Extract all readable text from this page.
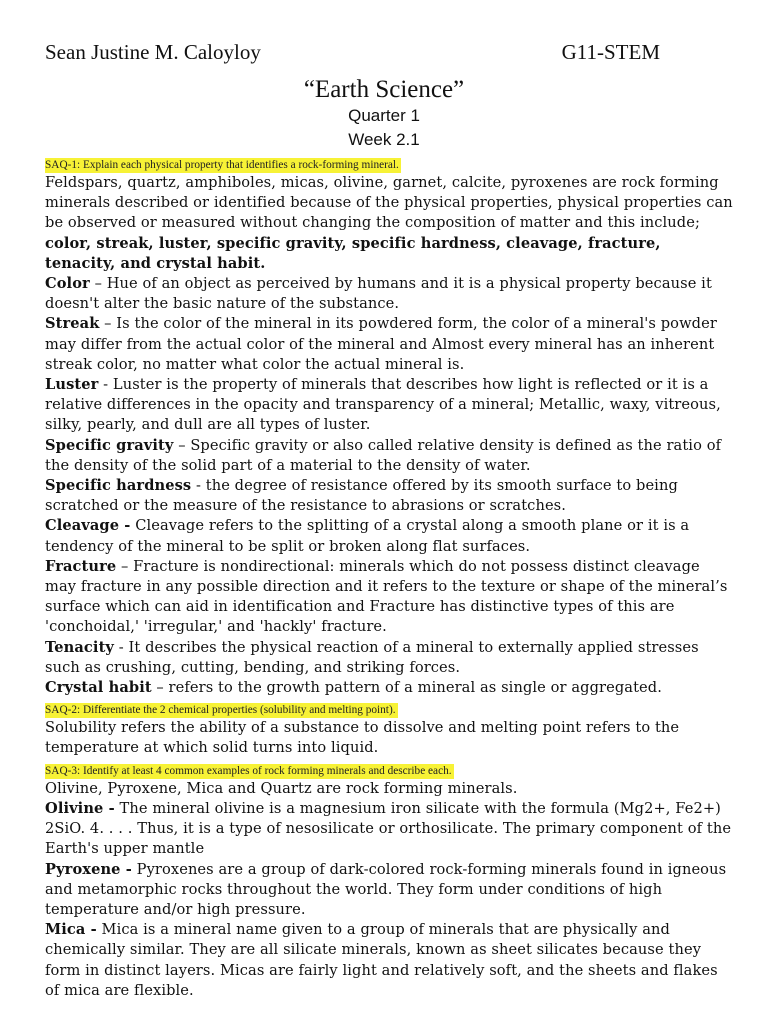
Sean Justine M. Caloyloy	G11-STEM
“Earth Science”
Quarter 1
Week 2.1
SAQ-1: Explain each physical property that identifies a rock-forming mineral.

Feldspars, quartz, amphiboles, micas, olivine, garnet, calcite, pyroxenes are rock forming minerals described or identified because of the physical properties, physical properties can be observed or measured without changing the composition of matter and this include; color, streak, luster, specific gravity, specific hardness, cleavage, fracture, tenacity, and crystal habit.

Color – Hue of an object as perceived by humans and it is a physical property because it doesn't alter the basic nature of the substance.

Streak – Is the color of the mineral in its powdered form, the color of a mineral's powder may differ from the actual color of the mineral and Almost every mineral has an inherent streak color, no matter what color the actual mineral is.

Luster - Luster is the property of minerals that describes how light is reflected or it is a relative differences in the opacity and transparency of a mineral; Metallic, waxy, vitreous, silky, pearly, and dull are all types of luster.

Specific gravity – Specific gravity or also called relative density is defined as the ratio of the density of the solid part of a material to the density of water.

Specific hardness - the degree of resistance offered by its smooth surface to being scratched or the measure of the resistance to abrasions or scratches.

Cleavage - Cleavage refers to the splitting of a crystal along a smooth plane or it is a tendency of the mineral to be split or broken along flat surfaces.

Fracture – Fracture is nondirectional: minerals which do not possess distinct cleavage may fracture in any possible direction and it refers to the texture or shape of the mineral’s surface which can aid in identification and Fracture has distinctive types of this are 'conchoidal,' 'irregular,' and 'hackly' fracture.

Tenacity - It describes the physical reaction of a mineral to externally applied stresses such as crushing, cutting, bending, and striking forces.

Crystal habit – refers to the growth pattern of a mineral as single or aggregated.

SAQ-2: Differentiate the 2 chemical properties (solubility and melting point).

Solubility refers the ability of a substance to dissolve and melting point refers to the temperature at which solid turns into liquid.

SAQ-3: Identify at least 4 common examples of rock forming minerals and describe each.

Olivine, Pyroxene, Mica and Quartz are rock forming minerals.

Olivine - The mineral olivine is a magnesium iron silicate with the formula (Mg2+, Fe2+) 2SiO. 4. . . . Thus, it is a type of nesosilicate or orthosilicate. The primary component of the Earth's upper mantle

Pyroxene - Pyroxenes are a group of dark-colored rock-forming minerals found in igneous and metamorphic rocks throughout the world. They form under conditions of high temperature and/or high pressure.

Mica - Mica is a mineral name given to a group of minerals that are physically and chemically similar. They are all silicate minerals, known as sheet silicates because they form in distinct layers. Micas are fairly light and relatively soft, and the sheets and flakes of mica are flexible.
